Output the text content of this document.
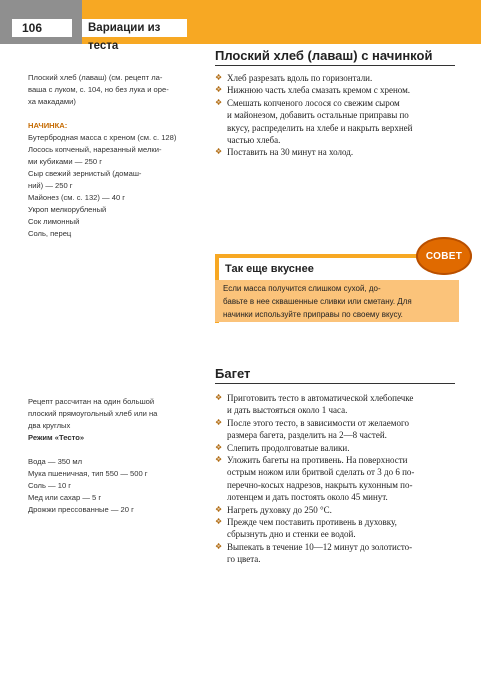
106	Вариации из теста

Плоский хлеб (лаваш) (см. рецепт ла-

ваша с луком, с. 104, но без лука и оре-

ха макадами)

НАЧИНКА:

Бутербродная масса с хреном (см. с. 128)

Лосось копченый, нарезанный мелки-

ми кубиками — 250 г

Сыр свежий зернистый (домаш-

ний) — 250 г

Майонез (см. с. 132) — 40 г

Укроп мелкорубленый

Сок лимонный

Соль, перец

Плоский хлеб (лаваш) с начинкой
❖ Хлеб разрезать вдоль по горизонтали.
❖ Нижнюю часть хлеба смазать кремом с хреном.
❖ Смешать копченого лосося со свежим сыром
и майонезом, добавить остальные приправы по
вкусу, распределить на хлебе и накрыть верхней
частью хлеба.
❖ Поставить на 30 минут на холод.
Так еще вкуснее
Если масса получится слишком сухой, до-
бавьте в нее сквашенные сливки или сметану. Для
начинки используйте приправы по своему вкусу.
СОВЕТ

Рецепт рассчитан на один большой

плоский прямоугольный хлеб или на

два круглых

Режим «Тесто»

Вода — 350 мл

Мука пшеничная, тип 550 — 500 г

Соль — 10 г

Мед или сахар — 5 г

Дрожжи прессованные — 20 г

Багет
❖ Приготовить тесто в автоматической хлебопечке
и дать выстояться около 1 часа.
❖ После этого тесто, в зависимости от желаемого
размера багета, разделить на 2—8 частей.
❖ Слепить продолговатые валики.
❖ Уложить багеты на противень. На поверхности
острым ножом или бритвой сделать от 3 до 6 по-
перечно-косых надрезов, накрыть кухонным по-
лотенцем и дать постоять около 45 минут.
❖ Нагреть духовку до 250 °С.
❖ Прежде чем поставить противень в духовку,
сбрызнуть дно и стенки ее водой.
❖ Выпекать в течение 10—12 минут до золотисто-
го цвета.
